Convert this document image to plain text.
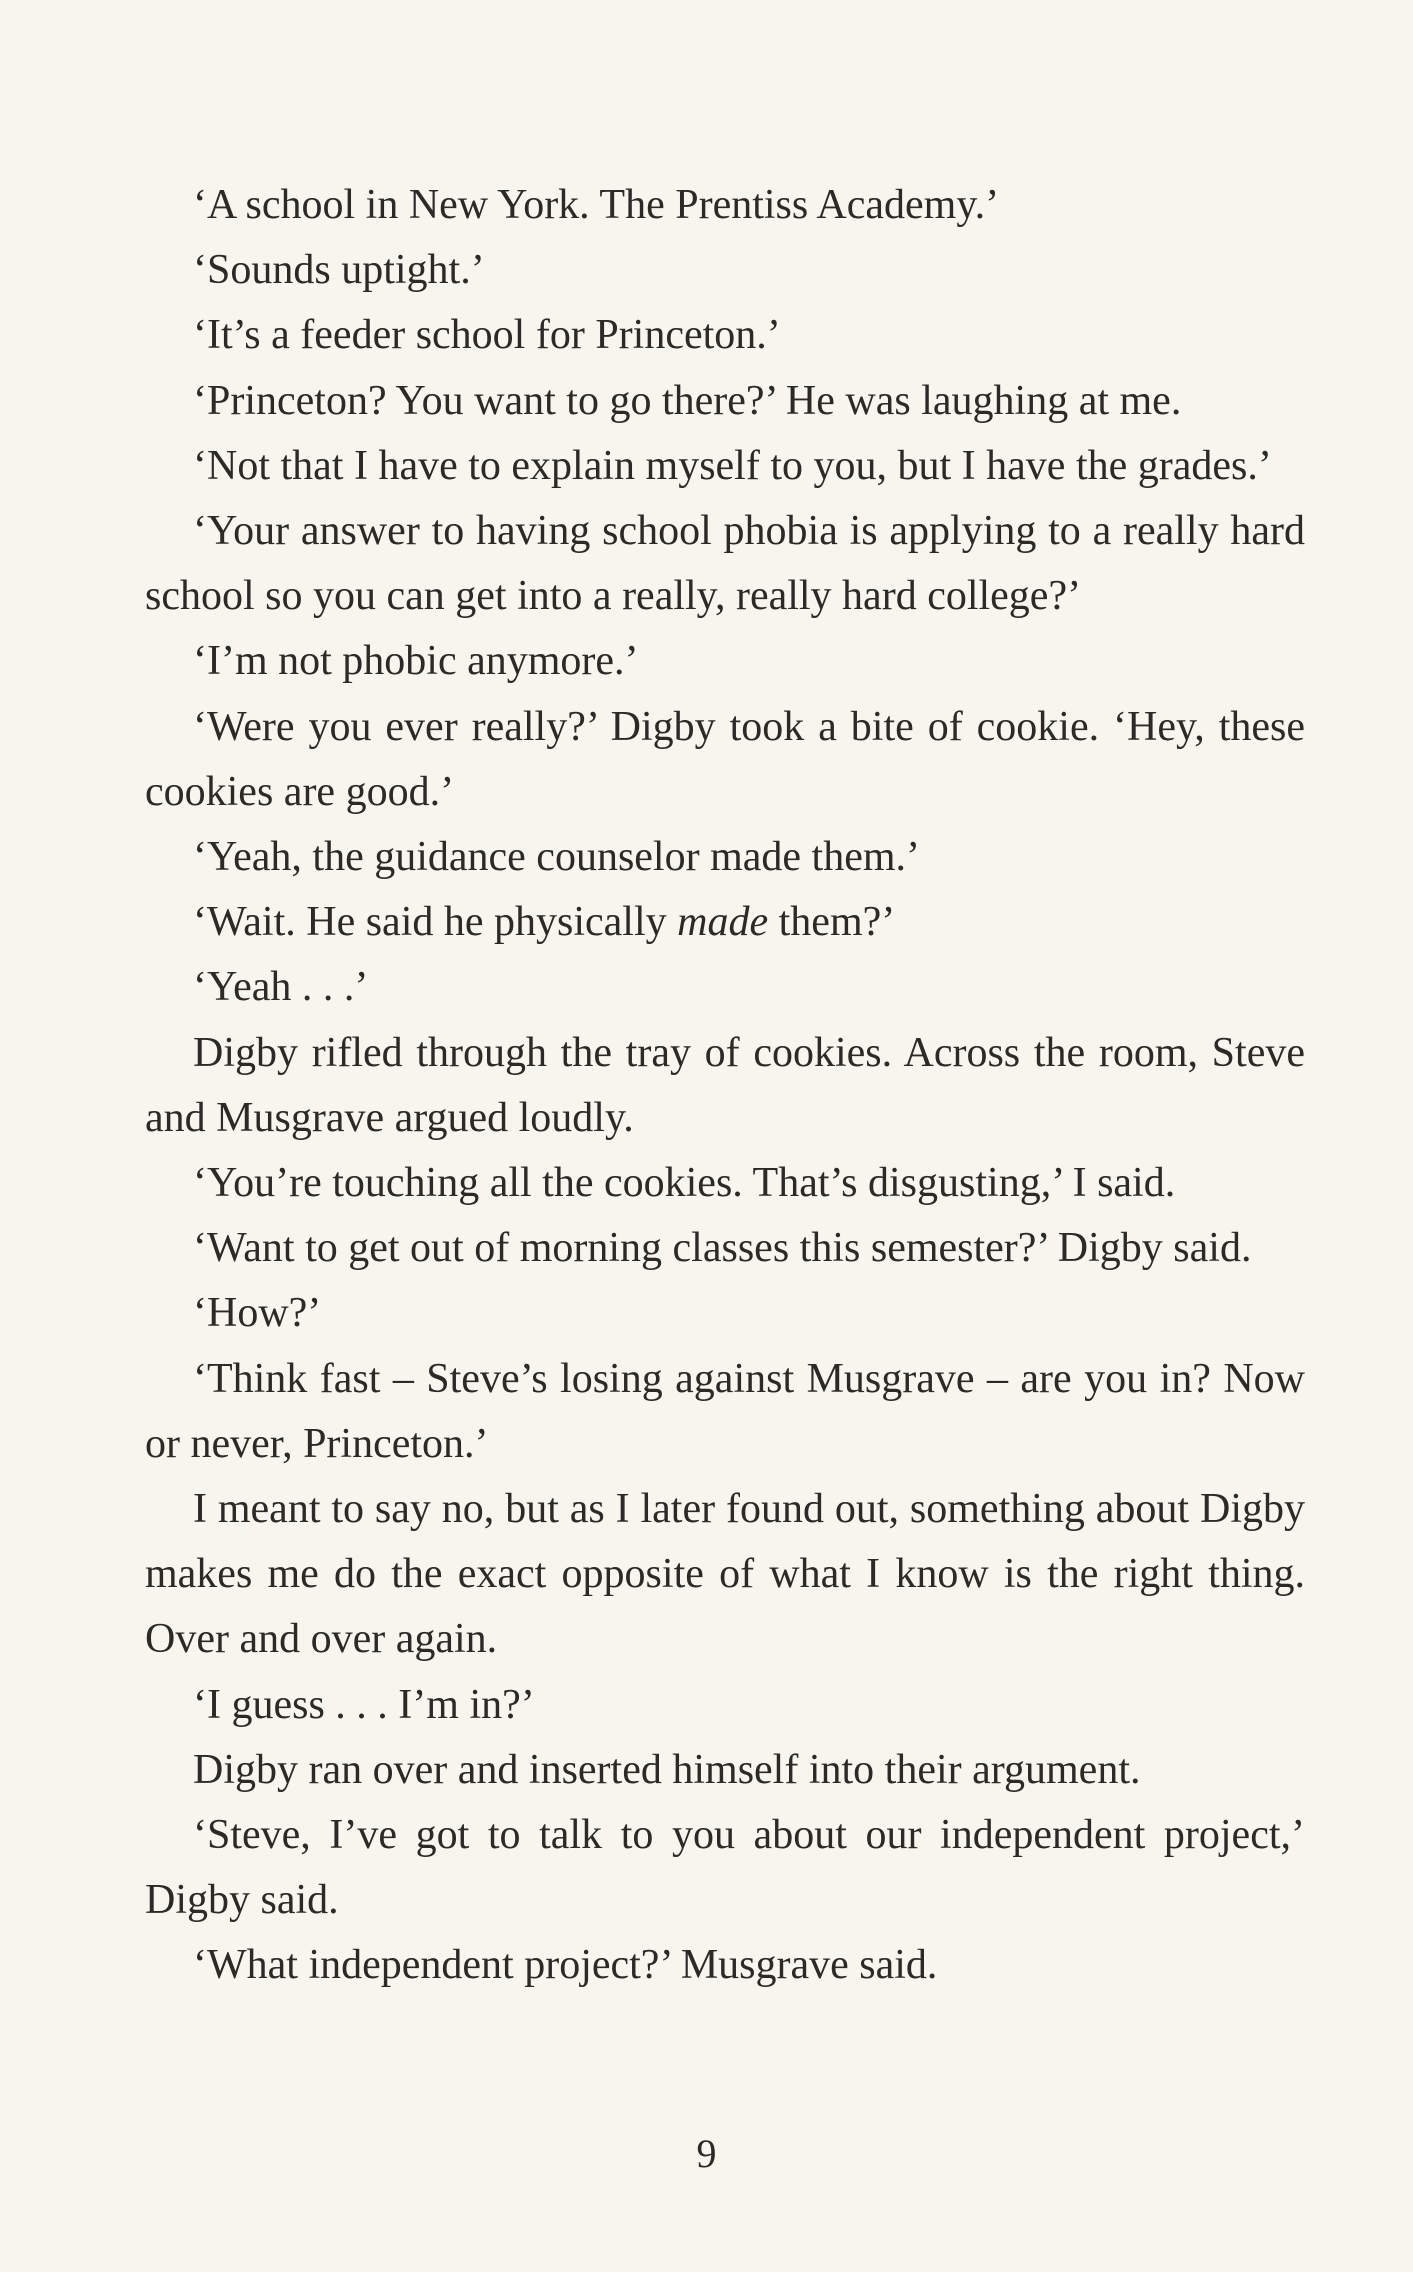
‘A school in New York. The Prentiss Academy.’

‘Sounds uptight.’

‘It’s a feeder school for Princeton.’

‘Princeton? You want to go there?’ He was laughing at me.

‘Not that I have to explain myself to you, but I have the grades.’

‘Your answer to having school phobia is applying to a really hard school so you can get into a really, really hard college?’

‘I’m not phobic anymore.’

‘Were you ever really?’ Digby took a bite of cookie. ‘Hey, these cookies are good.’

‘Yeah, the guidance counselor made them.’

‘Wait. He said he physically made them?’

‘Yeah . . .’

Digby rifled through the tray of cookies. Across the room, Steve and Musgrave argued loudly.

‘You’re touching all the cookies. That’s disgusting,’ I said.

‘Want to get out of morning classes this semester?’ Digby said.

‘How?’

‘Think fast – Steve’s losing against Musgrave – are you in? Now or never, Princeton.’

I meant to say no, but as I later found out, something about Digby makes me do the exact opposite of what I know is the right thing. Over and over again.

‘I guess . . . I’m in?’

Digby ran over and inserted himself into their argument.

‘Steve, I’ve got to talk to you about our independent project,’ Digby said.

‘What independent project?’ Musgrave said.

9
